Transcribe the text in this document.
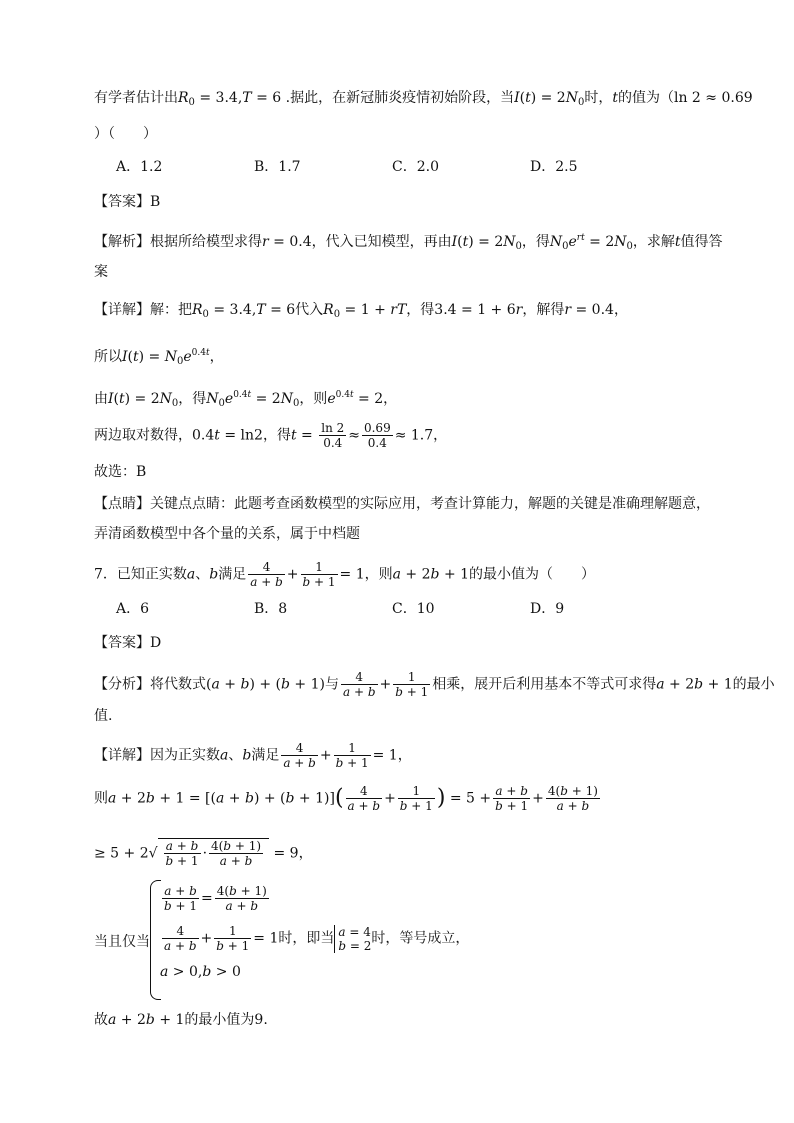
有学者估计出$R_0 = 3.4,T = 6$ .据此，在新冠肺炎疫情初始阶段，当$I(t) = 2N_0$时，t的值为（ln 2 ≈ 0.69
）（　　）
A．1.2	B．1.7	C．2.0	D．2.5
【答案】B
【解析】根据所给模型求得r = 0.4，代入已知模型，再由$I(t) = 2N_0$，得$N_0e^{rt} = 2N_0$，求解t值得答
案
【详解】解：把$R_0 = 3.4,T = 6$代入$R_0 = 1$ + rT，得3.4 = 1 + 6r，解得r = 0.4，
所以$I(t) = N_0e^{0.4t}$，
由$I(t) = 2N_0$，得$N_0e^{0.4t} = 2N_0$，则$e^{0.4t} = 2$，
两边取对数得，0.4t = ln2，得$t = \frac{\ln 2}{0.4} \approx \frac{0.69}{0.4} \approx 1.7$，
故选：B
【点睛】关键点点睛：此题考查函数模型的实际应用，考查计算能力，解题的关键是准确理解题意，
弄清函数模型中各个量的关系，属于中档题
7．已知正实数a、b满足 $\frac{4}{a + b} + \frac{1}{b + 1} = 1$，则a + 2b + 1的最小值为（　　）
A．6	B．8	C．10	D．9
【答案】D
【分析】将代数式(a + b) + (b + 1)与 $\frac{4}{a + b} + \frac{1}{b + 1}$ 相乘，展开后利用基本不等式可求得a + 2b + 1的最小
值.
【详解】因为正实数a、b满足 $\frac{4}{a + b} + \frac{1}{b + 1} = 1$，
则$a + 2b + 1 = [(a + b) + (b + 1)]( \frac{4}{a + b} + \frac{1}{b + 1}$ ) = $5 + \frac{a + b}{b + 1} + \frac{4(b + 1)}{a + b}$
≥ $5 + 2√ \frac{a + b}{b + 1} \cdot \frac{4(b + 1)}{a + b} = 9$，
$\frac{a + b}{b + 1} = \frac{4(b + 1)}{a + b}$
当且仅当 $\frac{4}{a + b} + \frac{1}{b + 1} = 1$时，即当 a = 4
b = 2时，等号成立，
a > 0,b > 0
故a + 2b + 1的最小值为9.
